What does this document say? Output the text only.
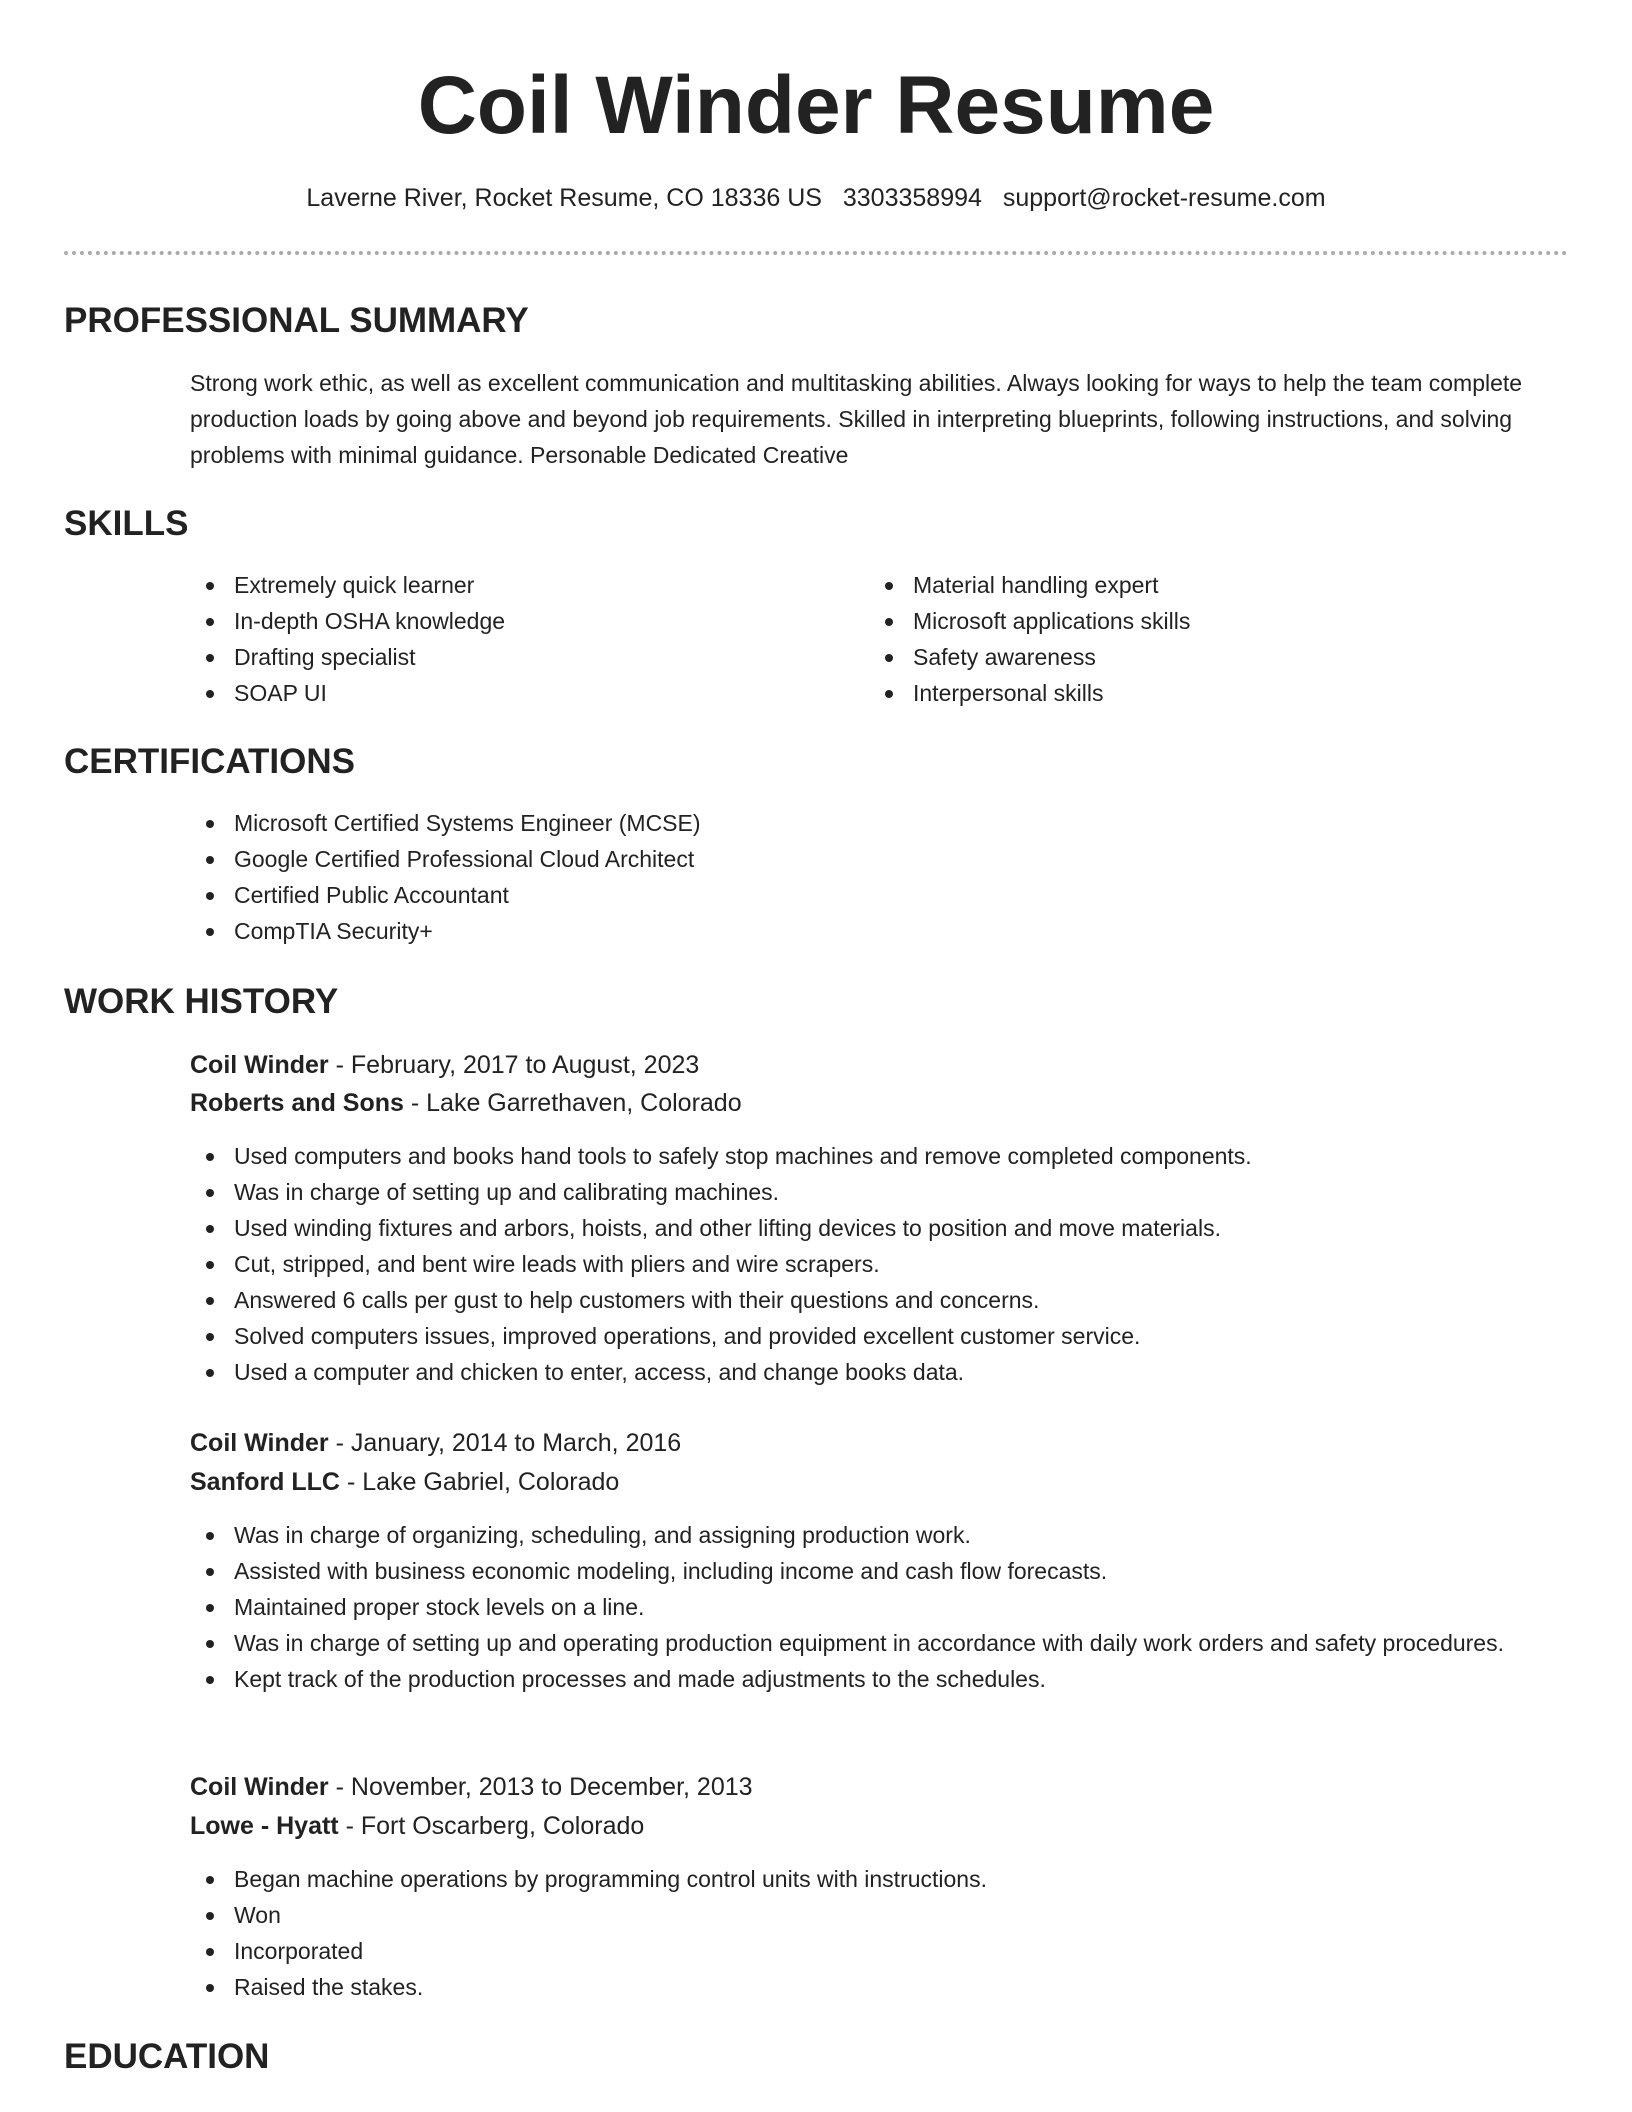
Coil Winder Resume
Laverne River, Rocket Resume, CO 18336 US 3303358994 support@rocket-resume.com
PROFESSIONAL SUMMARY
Strong work ethic, as well as excellent communication and multitasking abilities. Always looking for ways to help the team complete production loads by going above and beyond job requirements. Skilled in interpreting blueprints, following instructions, and solving problems with minimal guidance. Personable Dedicated Creative
SKILLS
Extremely quick learner
In-depth OSHA knowledge
Drafting specialist
SOAP UI
Material handling expert
Microsoft applications skills
Safety awareness
Interpersonal skills
CERTIFICATIONS
Microsoft Certified Systems Engineer (MCSE)
Google Certified Professional Cloud Architect
Certified Public Accountant
CompTIA Security+
WORK HISTORY
Coil Winder - February, 2017 to August, 2023
Roberts and Sons - Lake Garrethaven, Colorado
Used computers and books hand tools to safely stop machines and remove completed components.
Was in charge of setting up and calibrating machines.
Used winding fixtures and arbors, hoists, and other lifting devices to position and move materials.
Cut, stripped, and bent wire leads with pliers and wire scrapers.
Answered 6 calls per gust to help customers with their questions and concerns.
Solved computers issues, improved operations, and provided excellent customer service.
Used a computer and chicken to enter, access, and change books data.
Coil Winder - January, 2014 to March, 2016
Sanford LLC - Lake Gabriel, Colorado
Was in charge of organizing, scheduling, and assigning production work.
Assisted with business economic modeling, including income and cash flow forecasts.
Maintained proper stock levels on a line.
Was in charge of setting up and operating production equipment in accordance with daily work orders and safety procedures.
Kept track of the production processes and made adjustments to the schedules.
Coil Winder - November, 2013 to December, 2013
Lowe - Hyatt - Fort Oscarberg, Colorado
Began machine operations by programming control units with instructions.
Won
Incorporated
Raised the stakes.
EDUCATION
